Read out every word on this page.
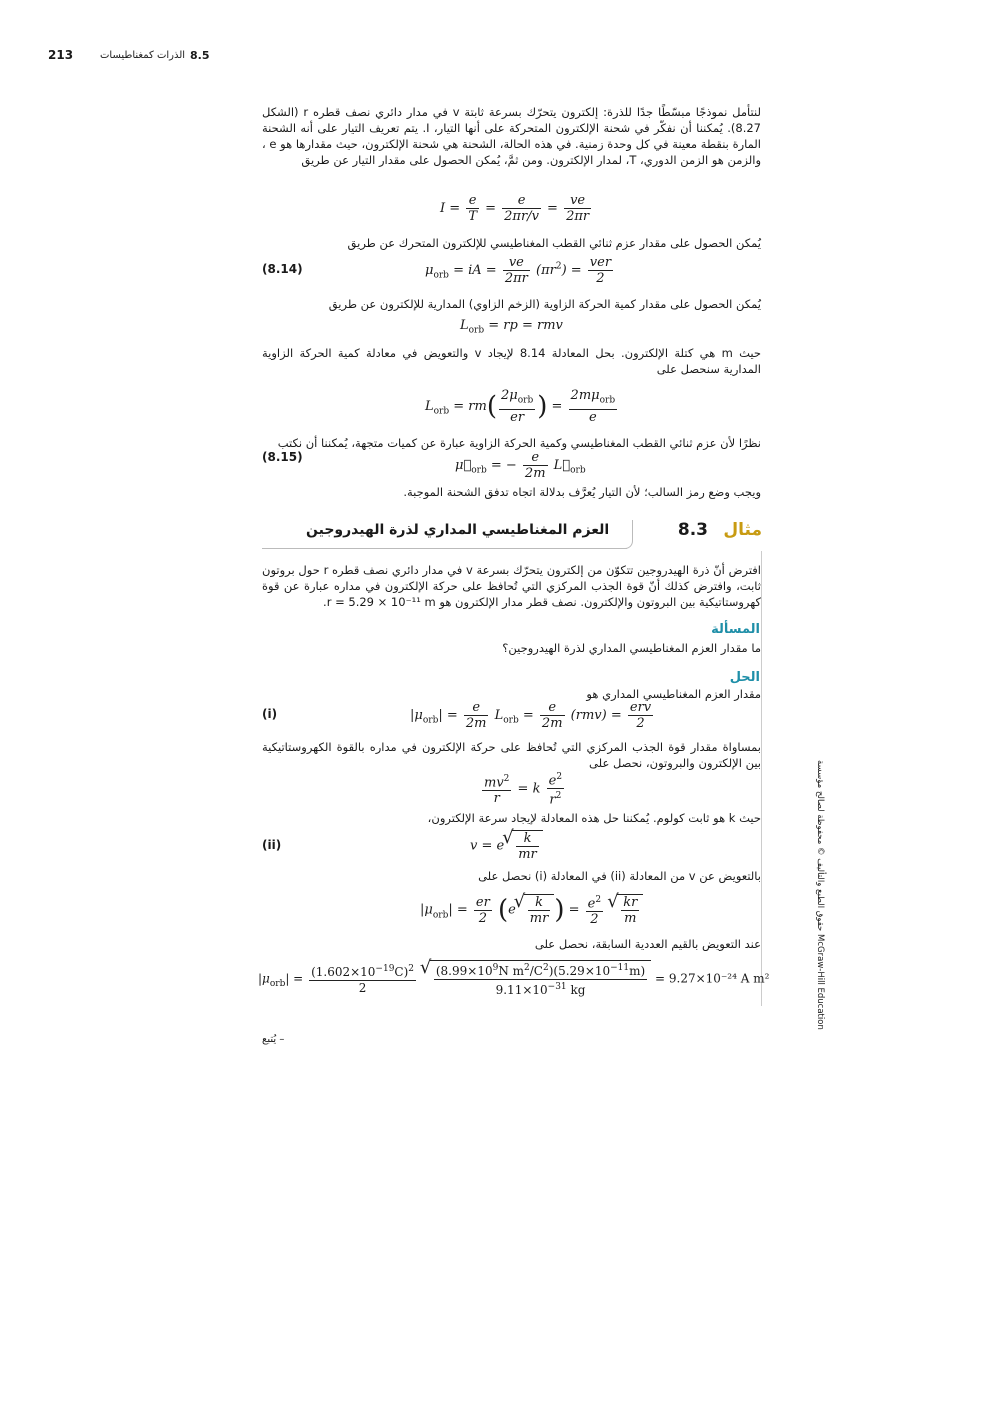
213	الذرات كمغناطيسات 8.5
لنتأمل نموذجًا مبسّطًا جدًا للذرة: إلكترون يتحرّك بسرعة ثابتة v في مدار دائري نصف قطره r (الشكل 8.27). يُمكننا أن نفكّر في شحنة الإلكترون المتحركة على أنها التيار، I. يتم تعريف التيار على أنه الشحنة المارة بنقطة معينة في كل وحدة زمنية. في هذه الحالة، الشحنة هي شحنة الإلكترون، حيث مقدارها هو e ، والزمن هو الزمن الدوري، T، لمدار الإلكترون. ومن ثمَّ، يُمكن الحصول على مقدار التيار عن طريق
$I = \frac{e}{T} = \frac{e}{2\pi r/v} = \frac{ve}{2\pi r}$
يُمكن الحصول على مقدار عزم ثنائي القطب المغناطيسي للإلكترون المتحرك عن طريق
(8.14)	$\mu_{orb}$ = iA = $\frac{ve}{2\pi r} (\pi r^2) = \frac{\text{ver}}{2}$
يُمكن الحصول على مقدار كمية الحركة الزاوية (الزخم الزاوي) المدارية للإلكترون عن طريق
$L_{orb}$ = rp = rmv
حيث m هي كتلة الإلكترون. بحل المعادلة 8.14 لإيجاد v والتعويض في معادلة كمية الحركة الزاوية المدارية سنحصل على
$L_{orb} = rm( \frac{2\mu_{orb}}{er}$ ) = $\frac{2m\mu_{orb}}{e}$
نظرًا لأن عزم ثنائي القطب المغناطيسي وكمية الحركة الزاوية عبارة عن كميات متجهة، يُمكننا أن نكتب
(8.15)
$\mu⃗_{orb}$ = − $\frac{e}{2m}$ $L⃗_{orb}$
ويجب وضع رمز السالب؛ لأن التيار يُعرَّف بدلالة اتجاه تدفق الشحنة الموجبة.
مثال
8.3
العزم المغناطيسي المداري لذرة الهيدروجين
افترض أنّ ذرة الهيدروجين تتكوّن من إلكترون يتحرّك بسرعة v في مدار دائري نصف قطره r حول بروتون ثابت، وافترض كذلك أنّ قوة الجذب المركزي التي تُحافظ على حركة الإلكترون في مداره عبارة عن قوة كهروستاتيكية بين البروتون والإلكترون. نصف قطر مدار الإلكترون هو r = 5.29 × 10⁻¹¹ m.
المسألة
ما مقدار العزم المغناطيسي المداري لذرة الهيدروجين؟
الحل
مقدار العزم المغناطيسي المداري هو
(i)	$|\mu_{orb}| = \frac{e}{2m} L_{orb} = \frac{e}{2m} (rmv) = \frac{\text{erv}}{2}$
بمساواة مقدار قوة الجذب المركزي التي تُحافظ على حركة الإلكترون في مداره بالقوة الكهروستاتيكية بين الإلكترون والبروتون، نحصل على
$\frac{mv^2}{r} = k \frac{e^2}{r^2}$
حيث k هو ثابت كولوم. يُمكننا حل هذه المعادلة لإيجاد سرعة الإلكترون،
(ii)	v = e √ $\frac{k}{mr}$
بالتعويض عن v من المعادلة (ii) في المعادلة (i) نحصل على
$|\mu_{orb}| = \frac{er}{2} (e$ √ $\frac{k}{mr}$ ) = $\frac{e^2}{2}$
√ $\frac{kr}{m}$
عند التعويض بالقيم العددية السابقة، نحصل على
$|\mu_{orb}| = \frac{(1.602\times 10^{-19}C)^2}{2}$
√ $\frac{(8.99\times 10^9N m^2/C^2)(5.29\times 10^{-11}m)}{9.11\times 10^{-31} kg} = 9.27\times 10^{-24}$ A m²
– يُتبع
حقوق الطبع والتأليف © محفوظة لصالح مؤسسة McGraw-Hill Education
